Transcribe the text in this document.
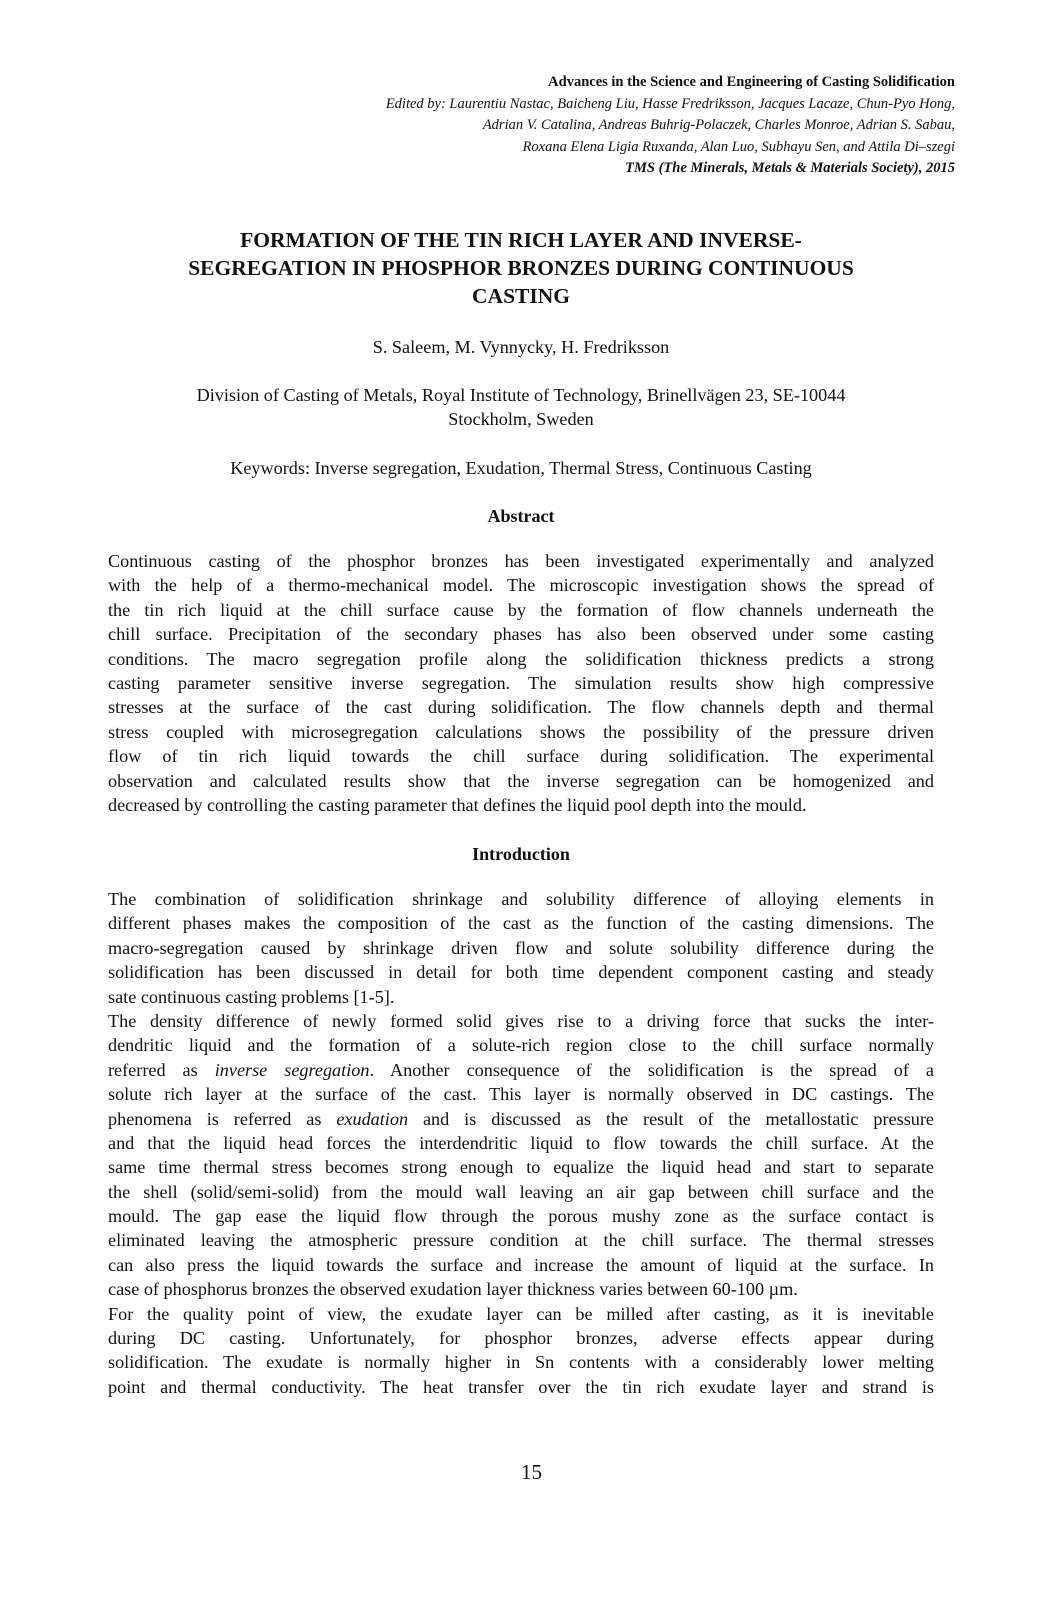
Advances in the Science and Engineering of Casting Solidification
Edited by: Laurentiu Nastac, Baicheng Liu, Hasse Fredriksson, Jacques Lacaze, Chun-Pyo Hong,
Adrian V. Catalina, Andreas Buhrig-Polaczek, Charles Monroe, Adrian S. Sabau,
Roxana Elena Ligia Ruxanda, Alan Luo, Subhayu Sen, and Attila Di–szegi
TMS (The Minerals, Metals & Materials Society), 2015
FORMATION OF THE TIN RICH LAYER AND INVERSE-
SEGREGATION IN PHOSPHOR BRONZES DURING CONTINUOUS
CASTING
S. Saleem, M. Vynnycky, H. Fredriksson
Division of Casting of Metals, Royal Institute of Technology, Brinellvägen 23, SE-10044
Stockholm, Sweden
Keywords: Inverse segregation, Exudation, Thermal Stress, Continuous Casting
Abstract
Continuous casting of the phosphor bronzes has been investigated experimentally and analyzed
with the help of a thermo-mechanical model. The microscopic investigation shows the spread of
the tin rich liquid at the chill surface cause by the formation of flow channels underneath the
chill surface. Precipitation of the secondary phases has also been observed under some casting
conditions. The macro segregation profile along the solidification thickness predicts a strong
casting parameter sensitive inverse segregation. The simulation results show high compressive
stresses at the surface of the cast during solidification. The flow channels depth and thermal
stress coupled with microsegregation calculations shows the possibility of the pressure driven
flow of tin rich liquid towards the chill surface during solidification. The experimental
observation and calculated results show that the inverse segregation can be homogenized and
decreased by controlling the casting parameter that defines the liquid pool depth into the mould.
Introduction
The combination of solidification shrinkage and solubility difference of alloying elements in
different phases makes the composition of the cast as the function of the casting dimensions. The
macro-segregation caused by shrinkage driven flow and solute solubility difference during the
solidification has been discussed in detail for both time dependent component casting and steady
sate continuous casting problems [1-5].
The density difference of newly formed solid gives rise to a driving force that sucks the inter-
dendritic liquid and the formation of a solute-rich region close to the chill surface normally
referred as inverse segregation. Another consequence of the solidification is the spread of a
solute rich layer at the surface of the cast. This layer is normally observed in DC castings. The
phenomena is referred as exudation and is discussed as the result of the metallostatic pressure
and that the liquid head forces the interdendritic liquid to flow towards the chill surface. At the
same time thermal stress becomes strong enough to equalize the liquid head and start to separate
the shell (solid/semi-solid) from the mould wall leaving an air gap between chill surface and the
mould. The gap ease the liquid flow through the porous mushy zone as the surface contact is
eliminated leaving the atmospheric pressure condition at the chill surface. The thermal stresses
can also press the liquid towards the surface and increase the amount of liquid at the surface. In
case of phosphorus bronzes the observed exudation layer thickness varies between 60-100 µm.
For the quality point of view, the exudate layer can be milled after casting, as it is inevitable
during DC casting. Unfortunately, for phosphor bronzes, adverse effects appear during
solidification. The exudate is normally higher in Sn contents with a considerably lower melting
point and thermal conductivity. The heat transfer over the tin rich exudate layer and strand is
15
